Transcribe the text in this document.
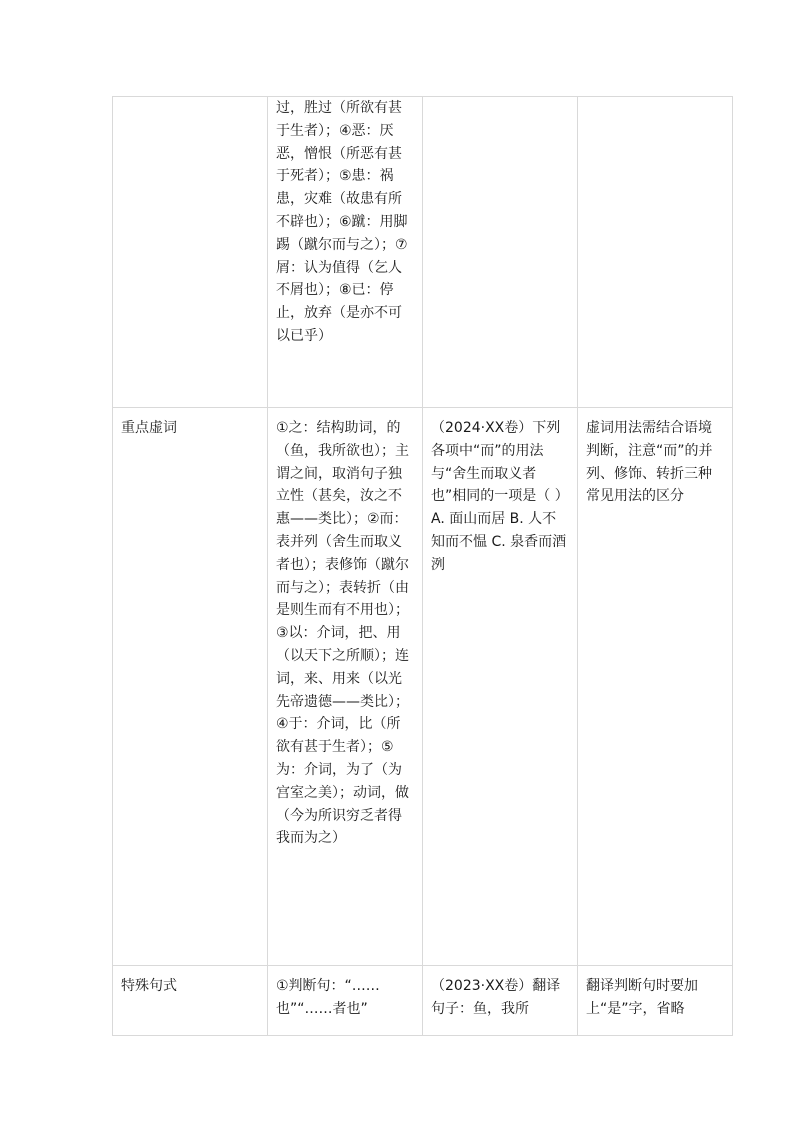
	过，胜过（所欲有甚于生者）；④恶：厌恶，憎恨（所恶有甚于死者）；⑤患：祸患，灾难（故患有所不辟也）；⑥蹴：用脚踢（蹴尔而与之）；⑦屑：认为值得（乞人不屑也）；⑧已：停止，放弃（是亦不可以已乎）		
重点虚词	①之：结构助词，的（鱼，我所欲也）；主谓之间，取消句子独立性（甚矣，汝之不惠——类比）；②而：表并列（舍生而取义者也）；表修饰（蹴尔而与之）；表转折（由是则生而有不用也）；③以：介词，把、用（以天下之所顺）；连词，来、用来（以光先帝遗德——类比）；④于：介词，比（所欲有甚于生者）；⑤为：介词，为了（为宫室之美）；动词，做（今为所识穷乏者得我而为之）	（2024·XX卷）下列各项中“而”的用法与“舍生而取义者也”相同的一项是（ ）A. 面山而居 B. 人不知而不愠 C. 泉香而酒洌	虚词用法需结合语境判断，注意“而”的并列、修饰、转折三种常见用法的区分
特殊句式	①判断句：“……也”“……者也”	（2023·XX卷）翻译句子：鱼，我所	翻译判断句时要加上“是”字，省略
